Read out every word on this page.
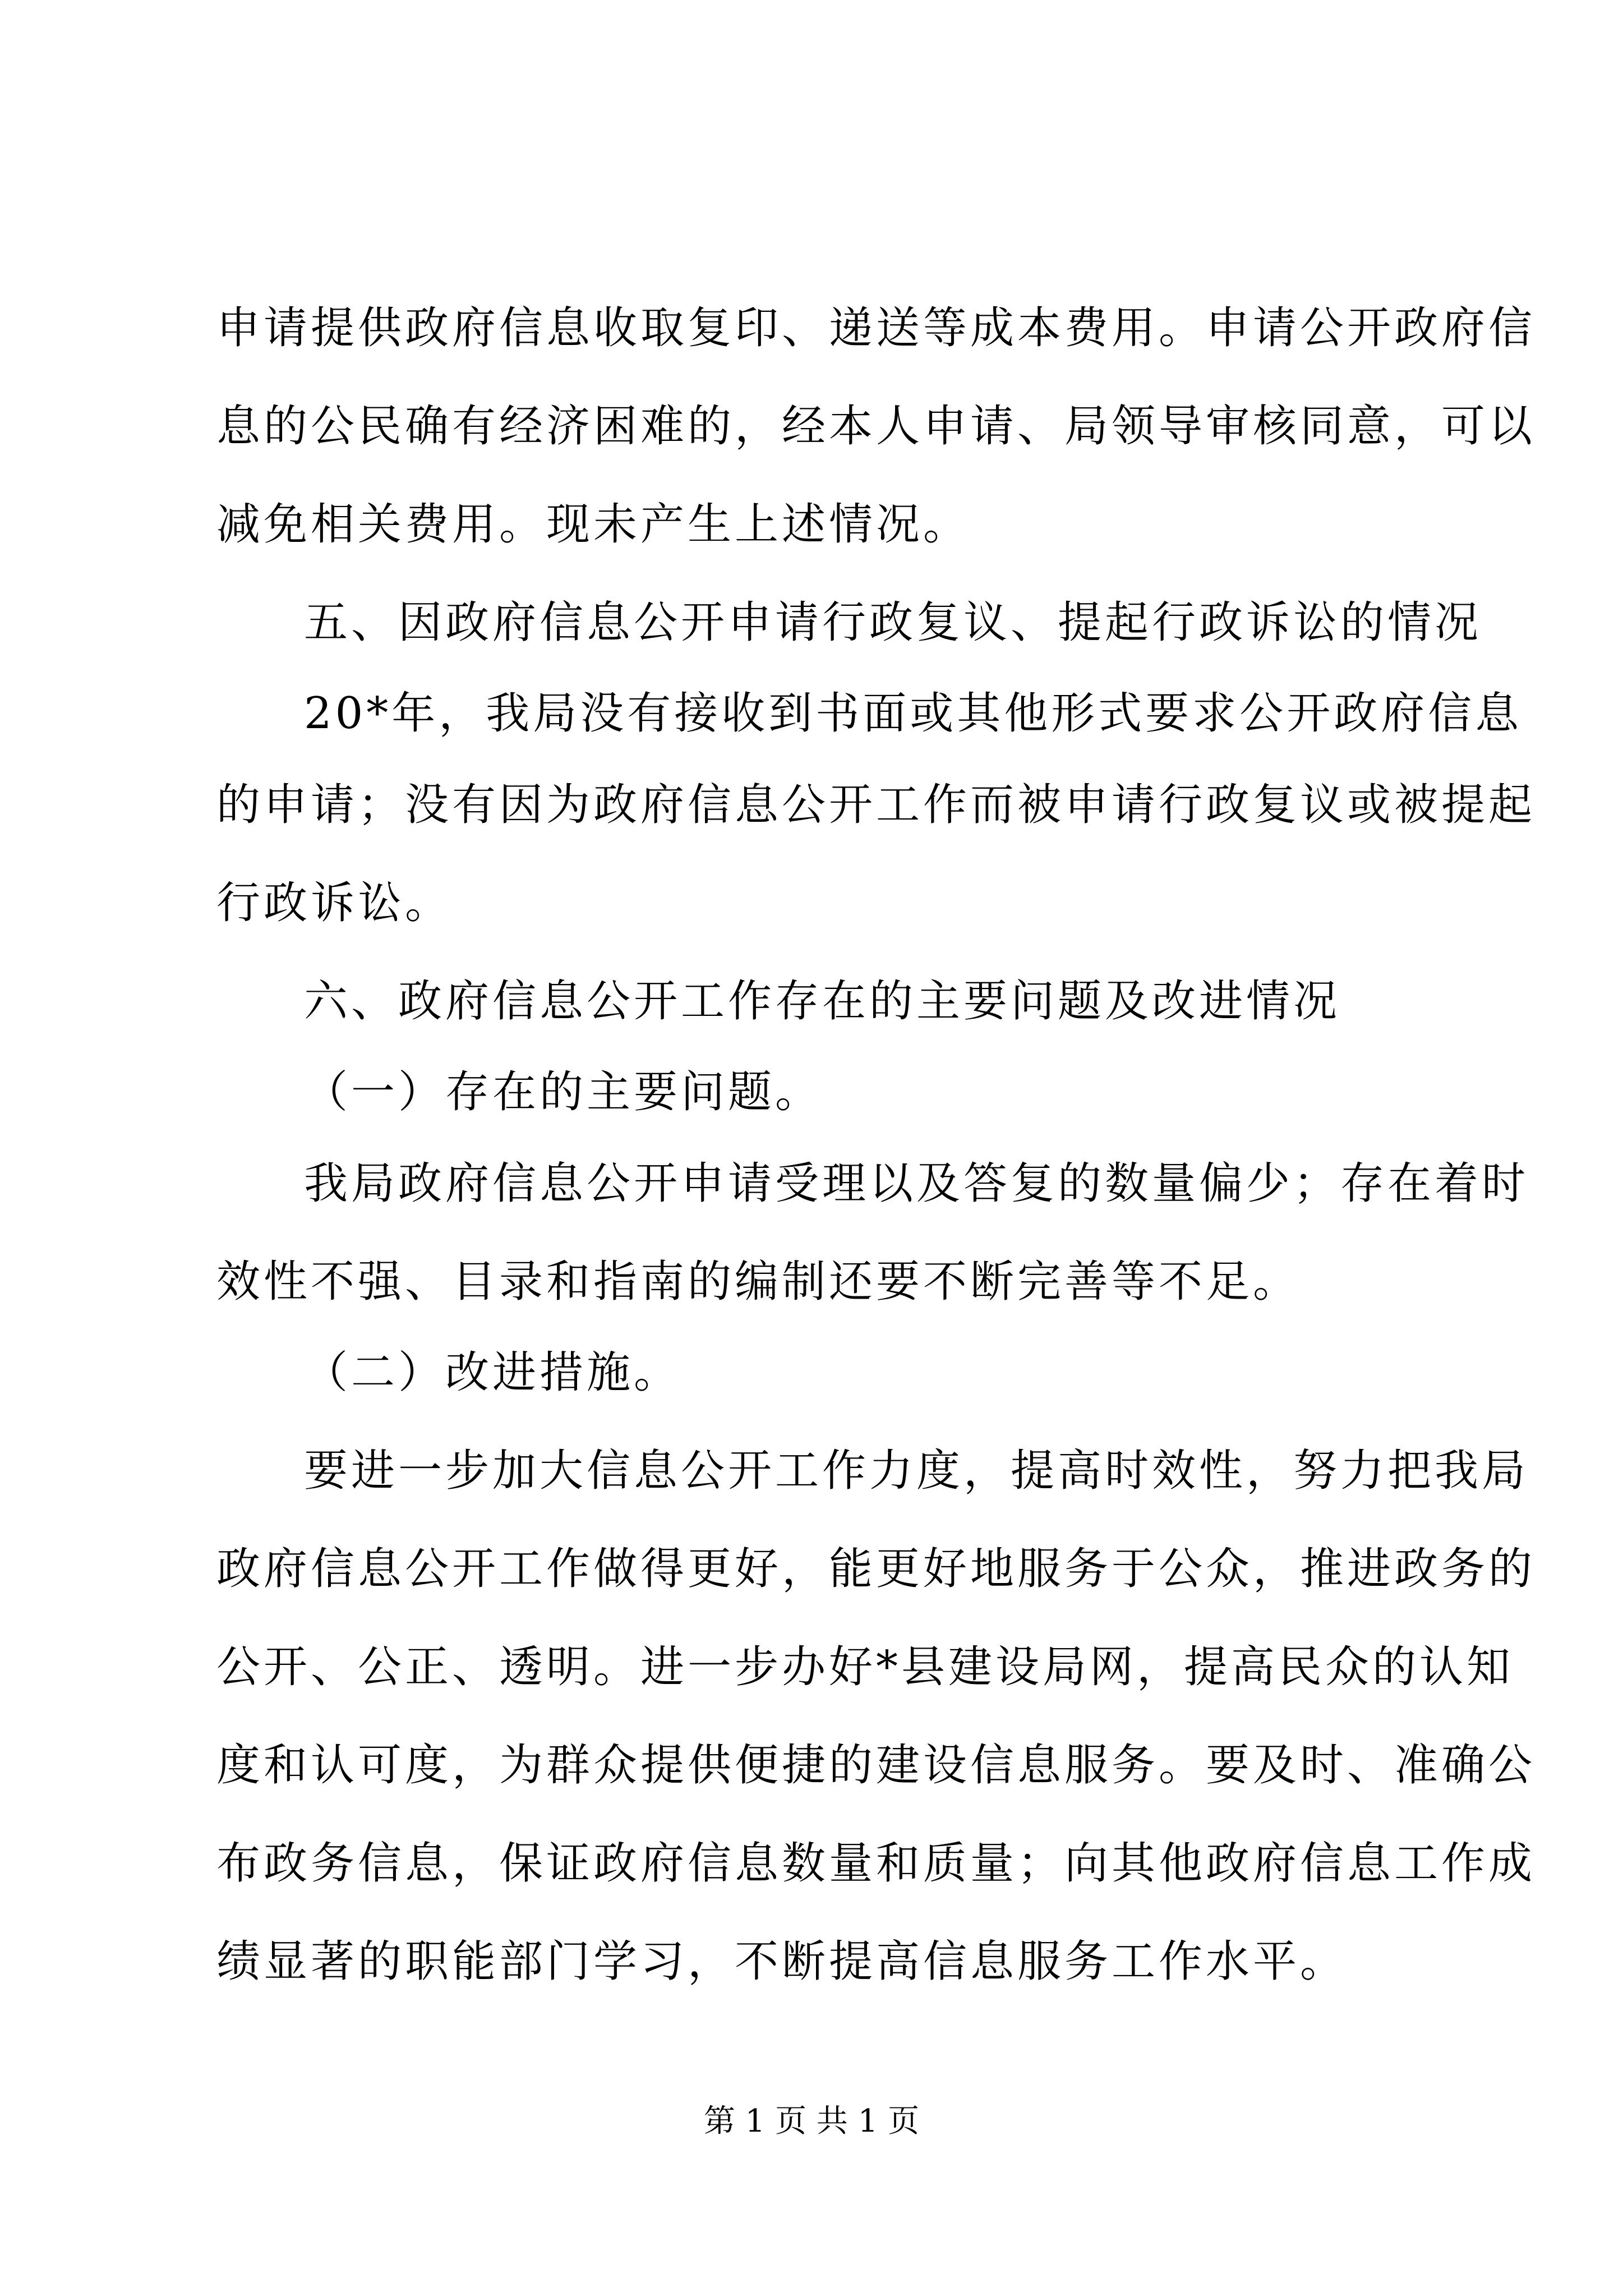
申请提供政府信息收取复印、递送等成本费用。申请公开政府信
息的公民确有经济困难的，经本人申请、局领导审核同意，可以
减免相关费用。现未产生上述情况。
五、因政府信息公开申请行政复议、提起行政诉讼的情况
20*年，我局没有接收到书面或其他形式要求公开政府信息
的申请；没有因为政府信息公开工作而被申请行政复议或被提起
行政诉讼。
六、政府信息公开工作存在的主要问题及改进情况
（一）存在的主要问题。
我局政府信息公开申请受理以及答复的数量偏少；存在着时
效性不强、目录和指南的编制还要不断完善等不足。
（二）改进措施。
要进一步加大信息公开工作力度，提高时效性，努力把我局
政府信息公开工作做得更好，能更好地服务于公众，推进政务的
公开、公正、透明。进一步办好*县建设局网，提高民众的认知
度和认可度，为群众提供便捷的建设信息服务。要及时、准确公
布政务信息，保证政府信息数量和质量；向其他政府信息工作成
绩显著的职能部门学习，不断提高信息服务工作水平。
第 1 页 共 1 页
